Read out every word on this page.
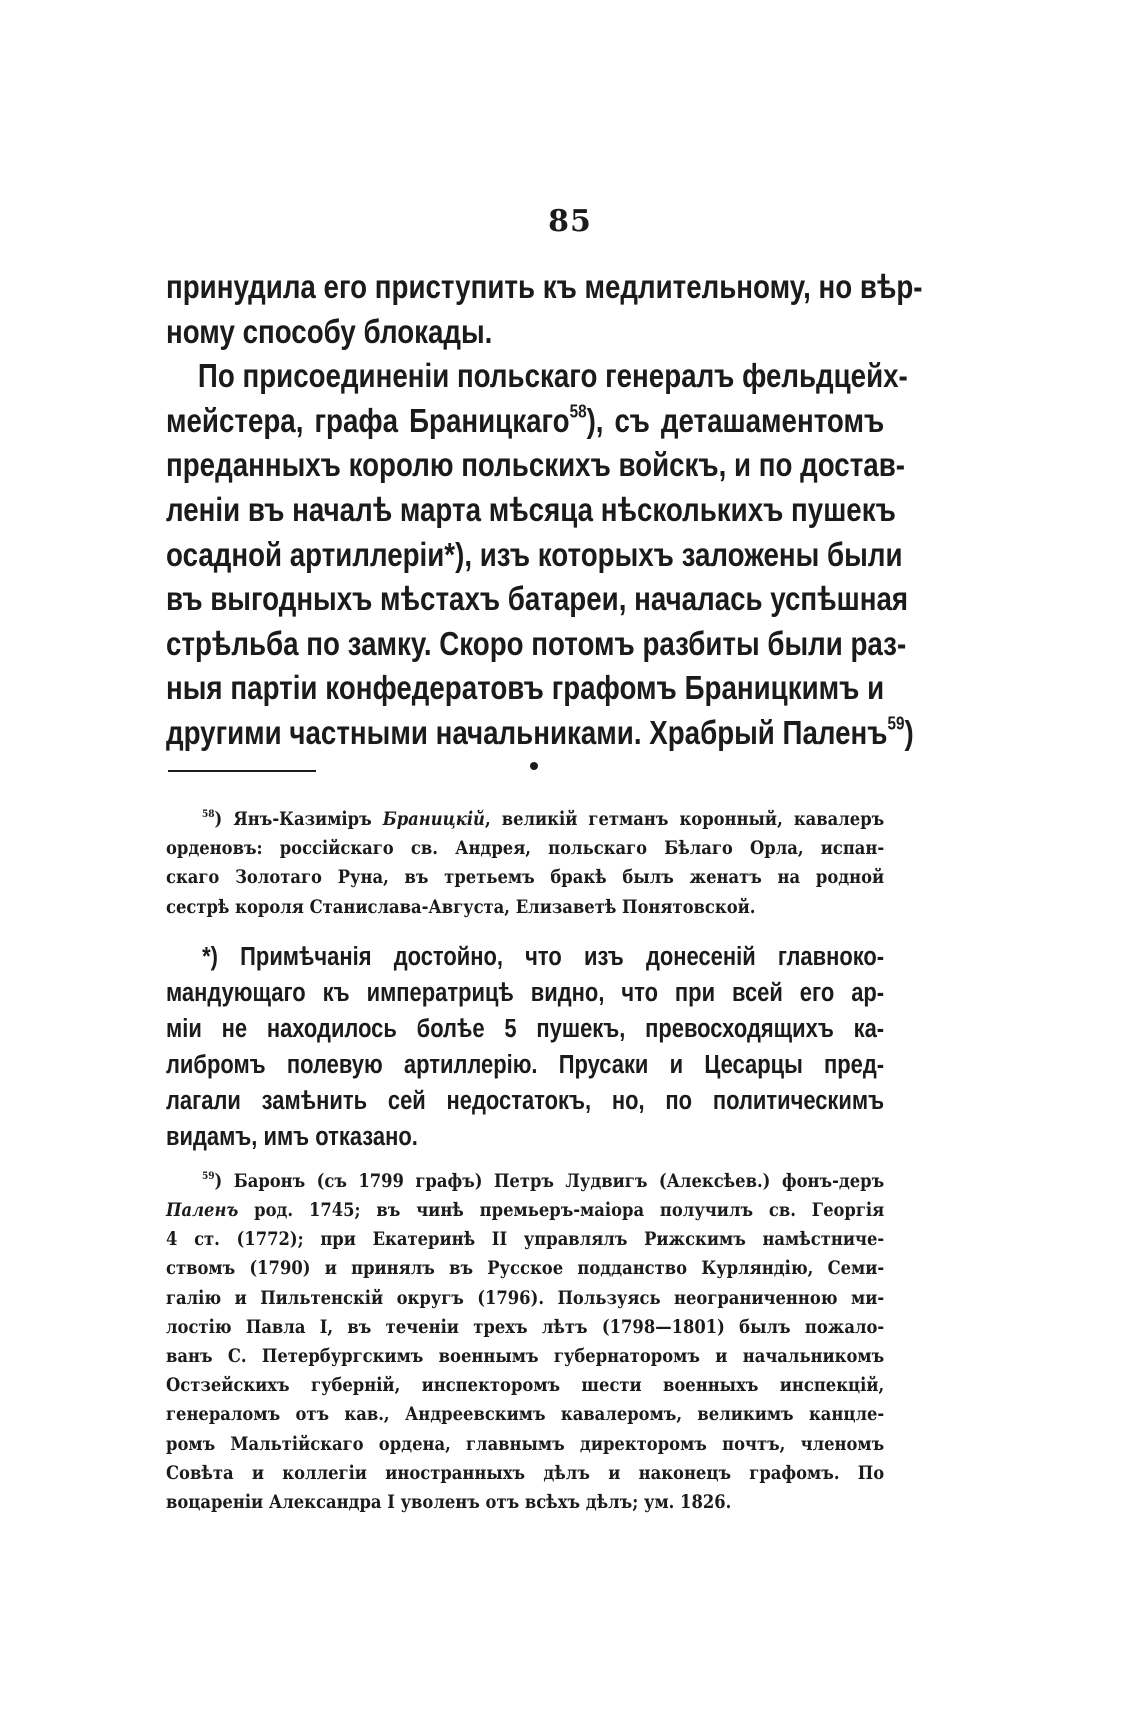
85
принудила его приступить къ медлительному, но вѣр-
ному способу блокады.
По присоединеніи польскаго генералъ фельдцейх-
мейстера, графа Браницкаго$^{58}$), съ деташаментомъ
преданныхъ королю польскихъ войскъ, и по достав-
леніи въ началѣ марта мѣсяца нѣсколькихъ пушекъ
осадной артиллеріи*), изъ которыхъ заложены были
въ выгодныхъ мѣстахъ батареи, началась успѣшная
стрѣльба по замку. Скоро потомъ разбиты были раз-
ныя партіи конфедератовъ графомъ Браницкимъ и
другими частными начальниками. Храбрый Паленъ$^{59}$)
$^{58}$) Янъ-Казиміръ Браницкій, великій гетманъ коронный, кавалеръ
орденовъ: россійскаго св. Андрея, польскаго Бѣлаго Орла, испан-
скаго Золотаго Руна, въ третьемъ бракѣ былъ женатъ на родной
сестрѣ короля Станислава-Августа, Елизаветѣ Понятовской.
*) Примѣчанія достойно, что изъ донесеній главноко-
мандующаго къ императрицѣ видно, что при всей его ар-
міи не находилось болѣе 5 пушекъ, превосходящихъ ка-
либромъ полевую артиллерію. Прусаки и Цесарцы пред-
лагали замѣнить сей недостатокъ, но, по политическимъ
видамъ, имъ отказано.
$^{59}$) Баронъ (съ 1799 графъ) Петръ Лудвигъ (Алексѣев.) фонъ-деръ
Паленъ род. 1745; въ чинѣ премьеръ-маіора получилъ св. Георгія
4 ст. (1772); при Екатеринѣ II управлялъ Рижскимъ намѣстниче-
ствомъ (1790) и принялъ въ Русское подданство Курляндію, Семи-
галію и Пильтенскій округъ (1796). Пользуясь неограниченною ми-
лостію Павла I, въ теченіи трехъ лѣтъ (1798—1801) былъ пожало-
ванъ С. Петербургскимъ военнымъ губернаторомъ и начальникомъ
Остзейскихъ губерній, инспекторомъ шести военныхъ инспекцій,
генераломъ отъ кав., Андреевскимъ кавалеромъ, великимъ канцле-
ромъ Мальтійскаго ордена, главнымъ директоромъ почтъ, членомъ
Совѣта и коллегіи иностранныхъ дѣлъ и наконецъ графомъ. По
воцареніи Александра I уволенъ отъ всѣхъ дѣлъ; ум. 1826.
